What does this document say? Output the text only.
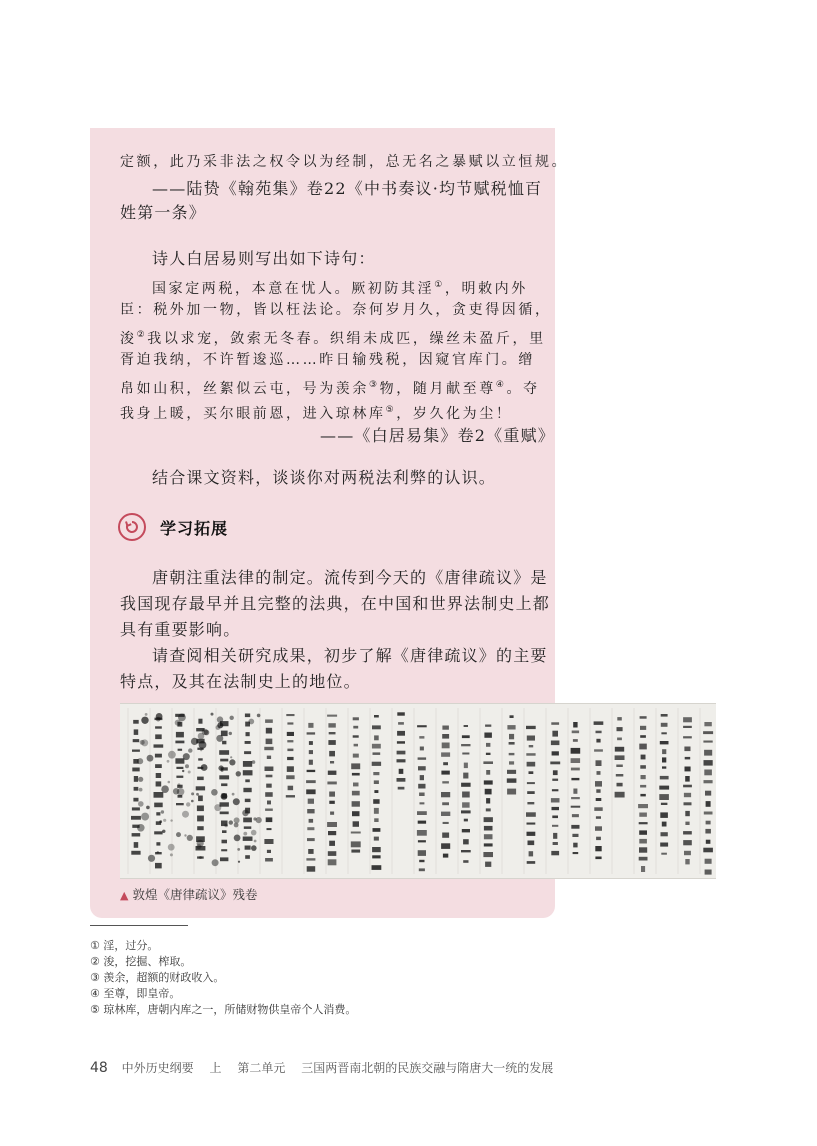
定额，此乃采非法之权令以为经制，总无名之暴赋以立恒规。
——陆贽《翰苑集》卷22《中书奏议·均节赋税恤百
姓第一条》
诗人白居易则写出如下诗句：
国家定两税，本意在忧人。厥初防其淫①，明敕内外
臣：税外加一物，皆以枉法论。奈何岁月久，贪吏得因循，
浚②我以求宠，敛索无冬春。织绢未成匹，缲丝未盈斤，里
胥迫我纳，不许暂逡巡……昨日输残税，因窥官库门。缯
帛如山积，丝絮似云屯，号为羡余③物，随月献至尊④。夺
我身上暖，买尔眼前恩，进入琼林库⑤，岁久化为尘！
——《白居易集》卷2《重赋》
结合课文资料，谈谈你对两税法利弊的认识。
学习拓展
唐朝注重法律的制定。流传到今天的《唐律疏议》是
我国现存最早并且完整的法典，在中国和世界法制史上都
具有重要影响。
请查阅相关研究成果，初步了解《唐律疏议》的主要
特点，及其在法制史上的地位。
▲ 敦煌《唐律疏议》残卷
① 淫，过分。
② 浚，挖掘、榨取。
③ 羡余，超额的财政收入。
④ 至尊，即皇帝。
⑤ 琼林库，唐朝内库之一，所储财物供皇帝个人消费。
48 中外历史纲要 上 第二单元 三国两晋南北朝的民族交融与隋唐大一统的发展
